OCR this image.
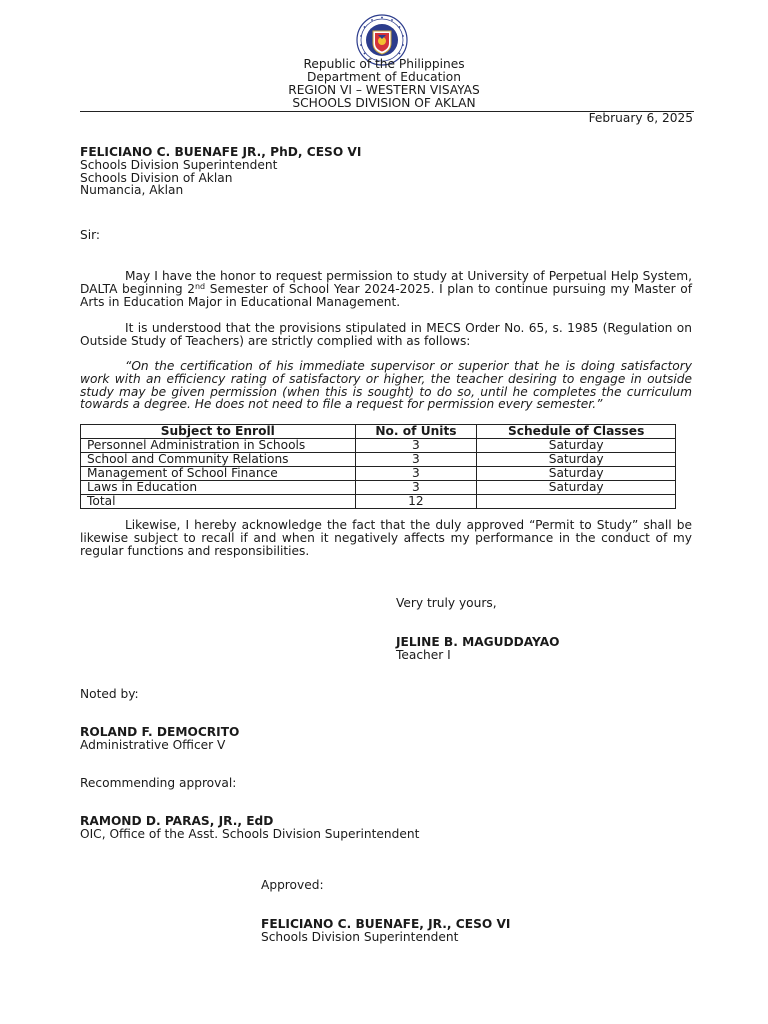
Republic of the Philippines
Department of Education
REGION VI – WESTERN VISAYAS
SCHOOLS DIVISION OF AKLAN
February 6, 2025
FELICIANO C. BUENAFE JR., PhD, CESO VI
Schools Division Superintendent
Schools Division of Aklan
Numancia, Aklan
Sir:
May I have the honor to request permission to study at University of Perpetual Help System, DALTA beginning 2nd Semester of School Year 2024-2025. I plan to continue pursuing my Master of Arts in Education Major in Educational Management.
It is understood that the provisions stipulated in MECS Order No. 65, s. 1985 (Regulation on Outside Study of Teachers) are strictly complied with as follows:
“On the certification of his immediate supervisor or superior that he is doing satisfactory work with an efficiency rating of satisfactory or higher, the teacher desiring to engage in outside study may be given permission (when this is sought) to do so, until he completes the curriculum towards a degree. He does not need to file a request for permission every semester.”
Subject to Enroll	No. of Units	Schedule of Classes
Personnel Administration in Schools	3	Saturday
School and Community Relations	3	Saturday
Management of School Finance	3	Saturday
Laws in Education	3	Saturday
Total	12	
Likewise, I hereby acknowledge the fact that the duly approved “Permit to Study” shall be likewise subject to recall if and when it negatively affects my performance in the conduct of my regular functions and responsibilities.
Very truly yours,
JELINE B. MAGUDDAYAO
Teacher I
Noted by:
ROLAND F. DEMOCRITO
Administrative Officer V
Recommending approval:
RAMOND D. PARAS, JR., EdD
OIC, Office of the Asst. Schools Division Superintendent
Approved:
FELICIANO C. BUENAFE, JR., CESO VI
Schools Division Superintendent
